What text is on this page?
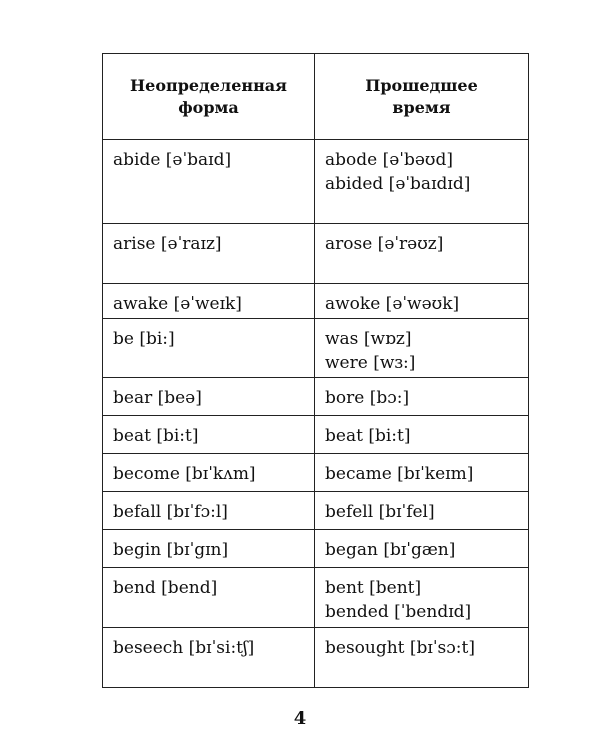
Неопределенная
форма	Прошедшее
время

abide [əˈbaɪd]	abode [əˈbəʊd]
abided [əˈbaɪdɪd]

arise [əˈraɪz]	arose [əˈrəʊz]

awake [əˈweɪk]	awoke [əˈwəʊk]

be [bi:]	was [wɒz]
were [wɜ:]

bear [beə]	bore [bɔ:]

beat [bi:t]	beat [bi:t]

become [bɪˈkʌm]	became [bɪˈkeɪm]

befall [bɪˈfɔ:l]	befell [bɪˈfel]

begin [bɪˈgɪn]	began [bɪˈgæn]

bend [bend]	bent [bent]
bended [ˈbendɪd]

beseech [bɪˈsi:tʃ]	besought [bɪˈsɔ:t]
4
